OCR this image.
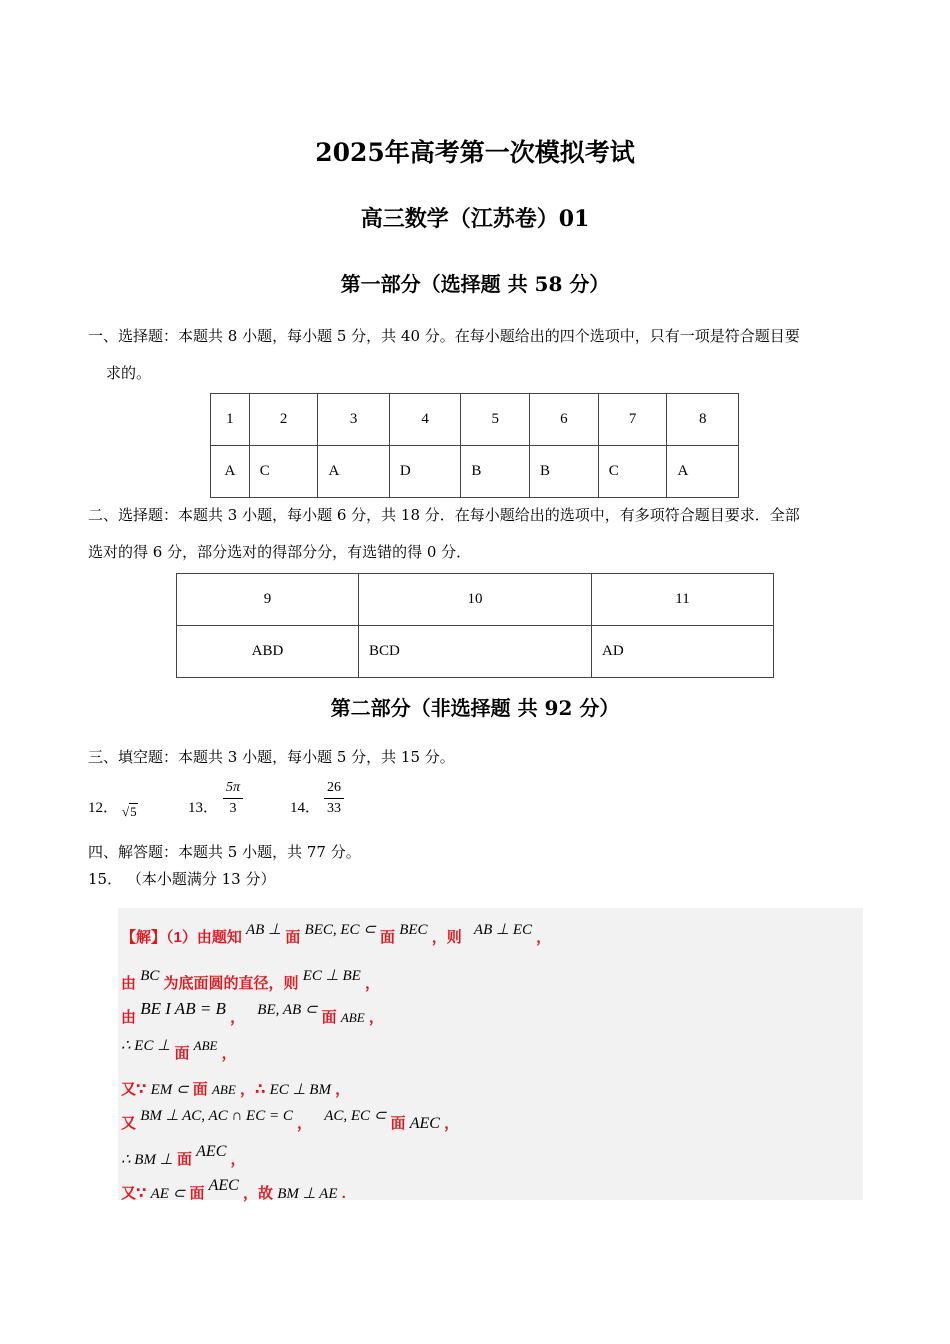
2025年高考第一次模拟考试
高三数学（江苏卷）01
第一部分（选择题 共 58 分）
一、选择题：本题共 8 小题，每小题 5 分，共 40 分。在每小题给出的四个选项中，只有一项是符合题目要
求的。
1	2	3	4	5	6	7	8
A	C	A	D	B	B	C	A
二、选择题：本题共 3 小题，每小题 6 分，共 18 分．在每小题给出的选项中，有多项符合题目要求．全部
选对的得 6 分，部分选对的得部分分，有选错的得 0 分．
9	10	11
ABD	BCD	AD
第二部分（非选择题 共 92 分）
三、填空题：本题共 3 小题，每小题 5 分，共 15 分。
12． √5	13． $\frac{5\pi}{3}$	14． $\frac{26}{33}$
四、解答题：本题共 5 小题，共 77 分。
15． （本小题满分 13 分）
【解】（1）由题知 AB ⊥ 面 BEC, EC ⊂ 面 BEC ，则 AB ⊥ EC ，
由 BC 为底面圆的直径，则 EC ⊥ BE ，
由 BE I AB = B ， BE, AB ⊂ 面 ABE ，
∴ EC ⊥ 面 ABE ，
又∵ EM ⊂ 面 ABE ，∴ EC ⊥ BM ，
又 BM ⊥ AC, AC ∩ EC = C ， AC, EC ⊂ 面 AEC ，
∴ BM ⊥ 面 AEC ，
又∵ AE ⊂ 面 AEC ，故 BM ⊥ AE .
